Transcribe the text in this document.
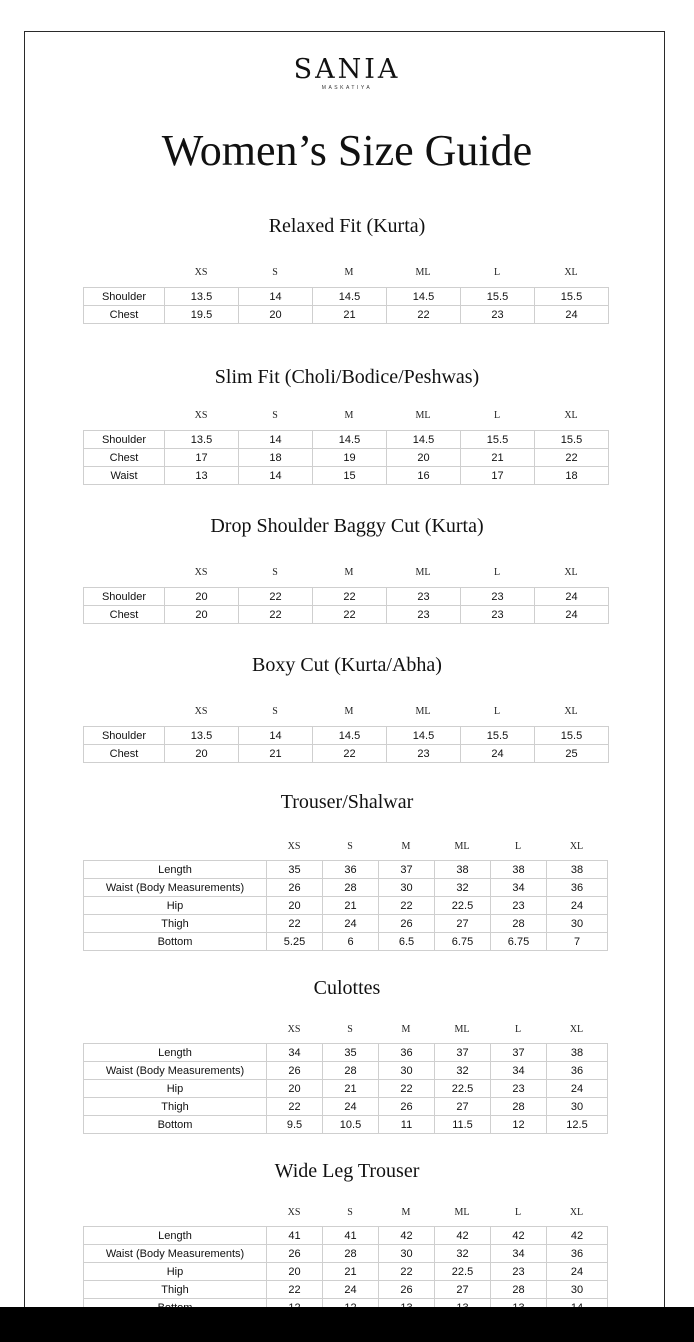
SANIA
MASKATIYA
Women’s Size Guide
Relaxed Fit (Kurta)
XS	S	M	ML	L	XL
Shoulder	13.5	14	14.5	14.5	15.5	15.5
Chest	19.5	20	21	22	23	24
Slim Fit (Choli/Bodice/Peshwas)
XS	S	M	ML	L	XL
Shoulder	13.5	14	14.5	14.5	15.5	15.5
Chest	17	18	19	20	21	22
Waist	13	14	15	16	17	18
Drop Shoulder Baggy Cut (Kurta)
XS	S	M	ML	L	XL
Shoulder	20	22	22	23	23	24
Chest	20	22	22	23	23	24
Boxy Cut (Kurta/Abha)
XS	S	M	ML	L	XL
Shoulder	13.5	14	14.5	14.5	15.5	15.5
Chest	20	21	22	23	24	25
Trouser/Shalwar
XS	S	M	ML	L	XL
Length	35	36	37	38	38	38
Waist (Body Measurements)	26	28	30	32	34	36
Hip	20	21	22	22.5	23	24
Thigh	22	24	26	27	28	30
Bottom	5.25	6	6.5	6.75	6.75	7
Culottes
XS	S	M	ML	L	XL
Length	34	35	36	37	37	38
Waist (Body Measurements)	26	28	30	32	34	36
Hip	20	21	22	22.5	23	24
Thigh	22	24	26	27	28	30
Bottom	9.5	10.5	11	11.5	12	12.5
Wide Leg Trouser
XS	S	M	ML	L	XL
Length	41	41	42	42	42	42
Waist (Body Measurements)	26	28	30	32	34	36
Hip	20	21	22	22.5	23	24
Thigh	22	24	26	27	28	30
